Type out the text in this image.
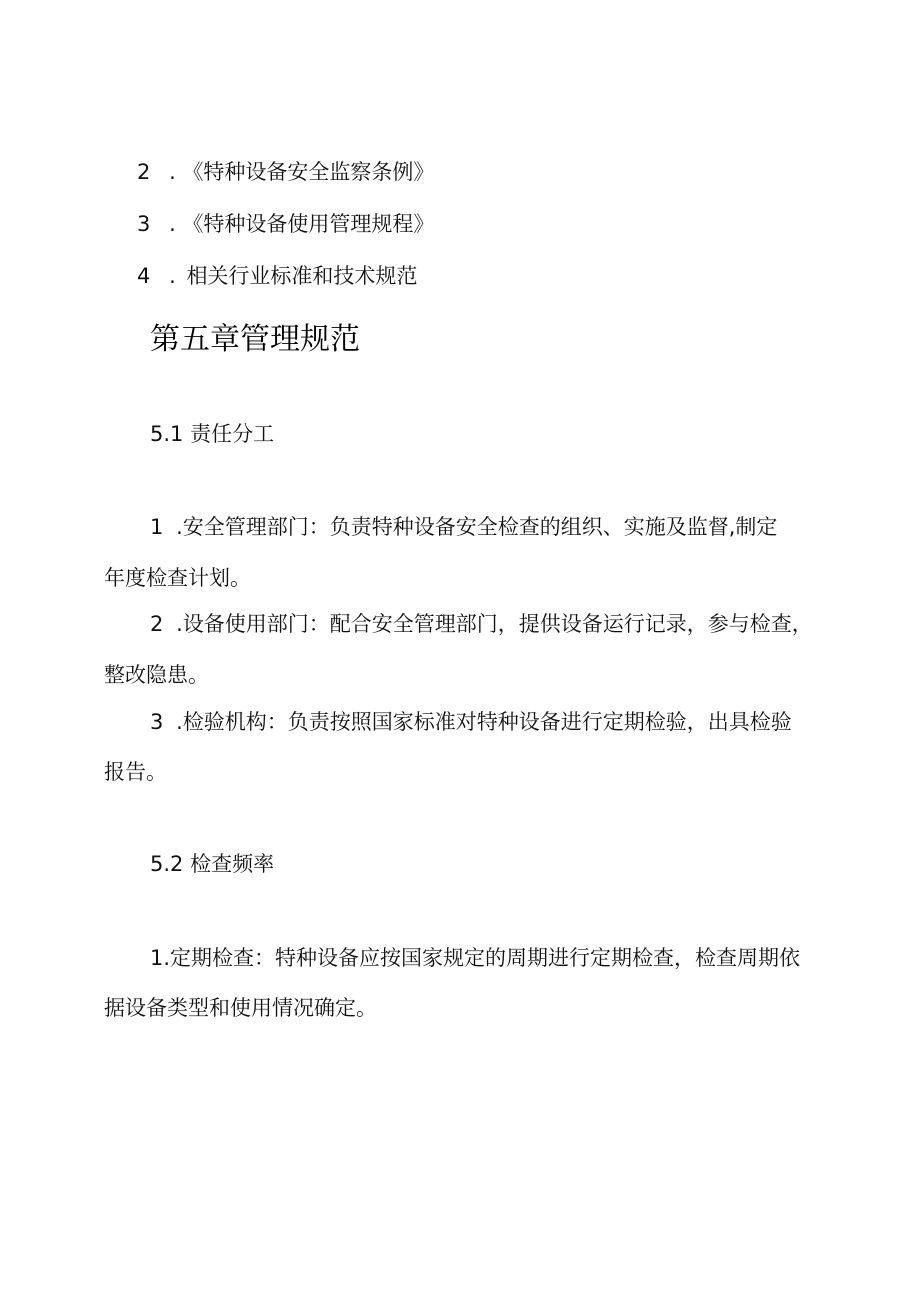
2 . 《特种设备安全监察条例》
3 . 《特种设备使用管理规程》
4 . 相关行业标准和技术规范
第五章管理规范
5.1 责任分工
1 .安全管理部门：负责特种设备安全检查的组织、实施及监督,制定
年度检查计划。
2 .设备使用部门：配合安全管理部门，提供设备运行记录，参与检查，
整改隐患。
3 .检验机构：负责按照国家标准对特种设备进行定期检验，出具检验
报告。
5.2 检查频率
1.定期检查：特种设备应按国家规定的周期进行定期检查，检查周期依
据设备类型和使用情况确定。
